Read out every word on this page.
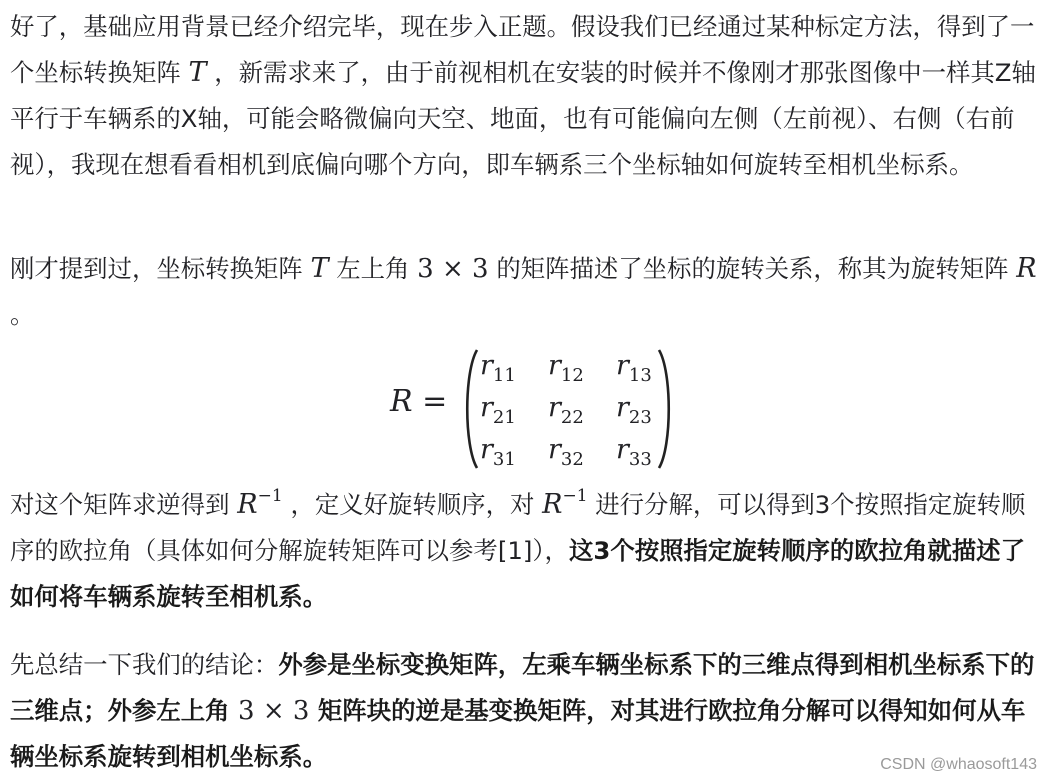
好了，基础应用背景已经介绍完毕，现在步入正题。假设我们已经通过某种标定方法，得到了一个坐标转换矩阵 T ，新需求来了，由于前视相机在安装的时候并不像刚才那张图像中一样其Z轴平行于车辆系的X轴，可能会略微偏向天空、地面，也有可能偏向左侧（左前视）、右侧（右前视），我现在想看看相机到底偏向哪个方向，即车辆系三个坐标轴如何旋转至相机坐标系。

刚才提到过，坐标转换矩阵 T 左上角 3 × 3 的矩阵描述了坐标的旋转关系，称其为旋转矩阵 R 。

R =
$r_{11}$ $r_{12}$ $r_{13}$
$r_{21}$ $r_{22}$ $r_{23}$
$r_{31}$ $r_{32}$ $r_{33}$

对这个矩阵求逆得到 $R^{-1}$ ，定义好旋转顺序，对 $R^{-1}$ 进行分解，可以得到3个按照指定旋转顺序的欧拉角（具体如何分解旋转矩阵可以参考[1]），这3个按照指定旋转顺序的欧拉角就描述了如何将车辆系旋转至相机系。

先总结一下我们的结论：外参是坐标变换矩阵，左乘车辆坐标系下的三维点得到相机坐标系下的三维点；外参左上角 3 × 3 矩阵块的逆是基变换矩阵，对其进行欧拉角分解可以得知如何从车辆坐标系旋转到相机坐标系。	CSDN @whaosoft143
